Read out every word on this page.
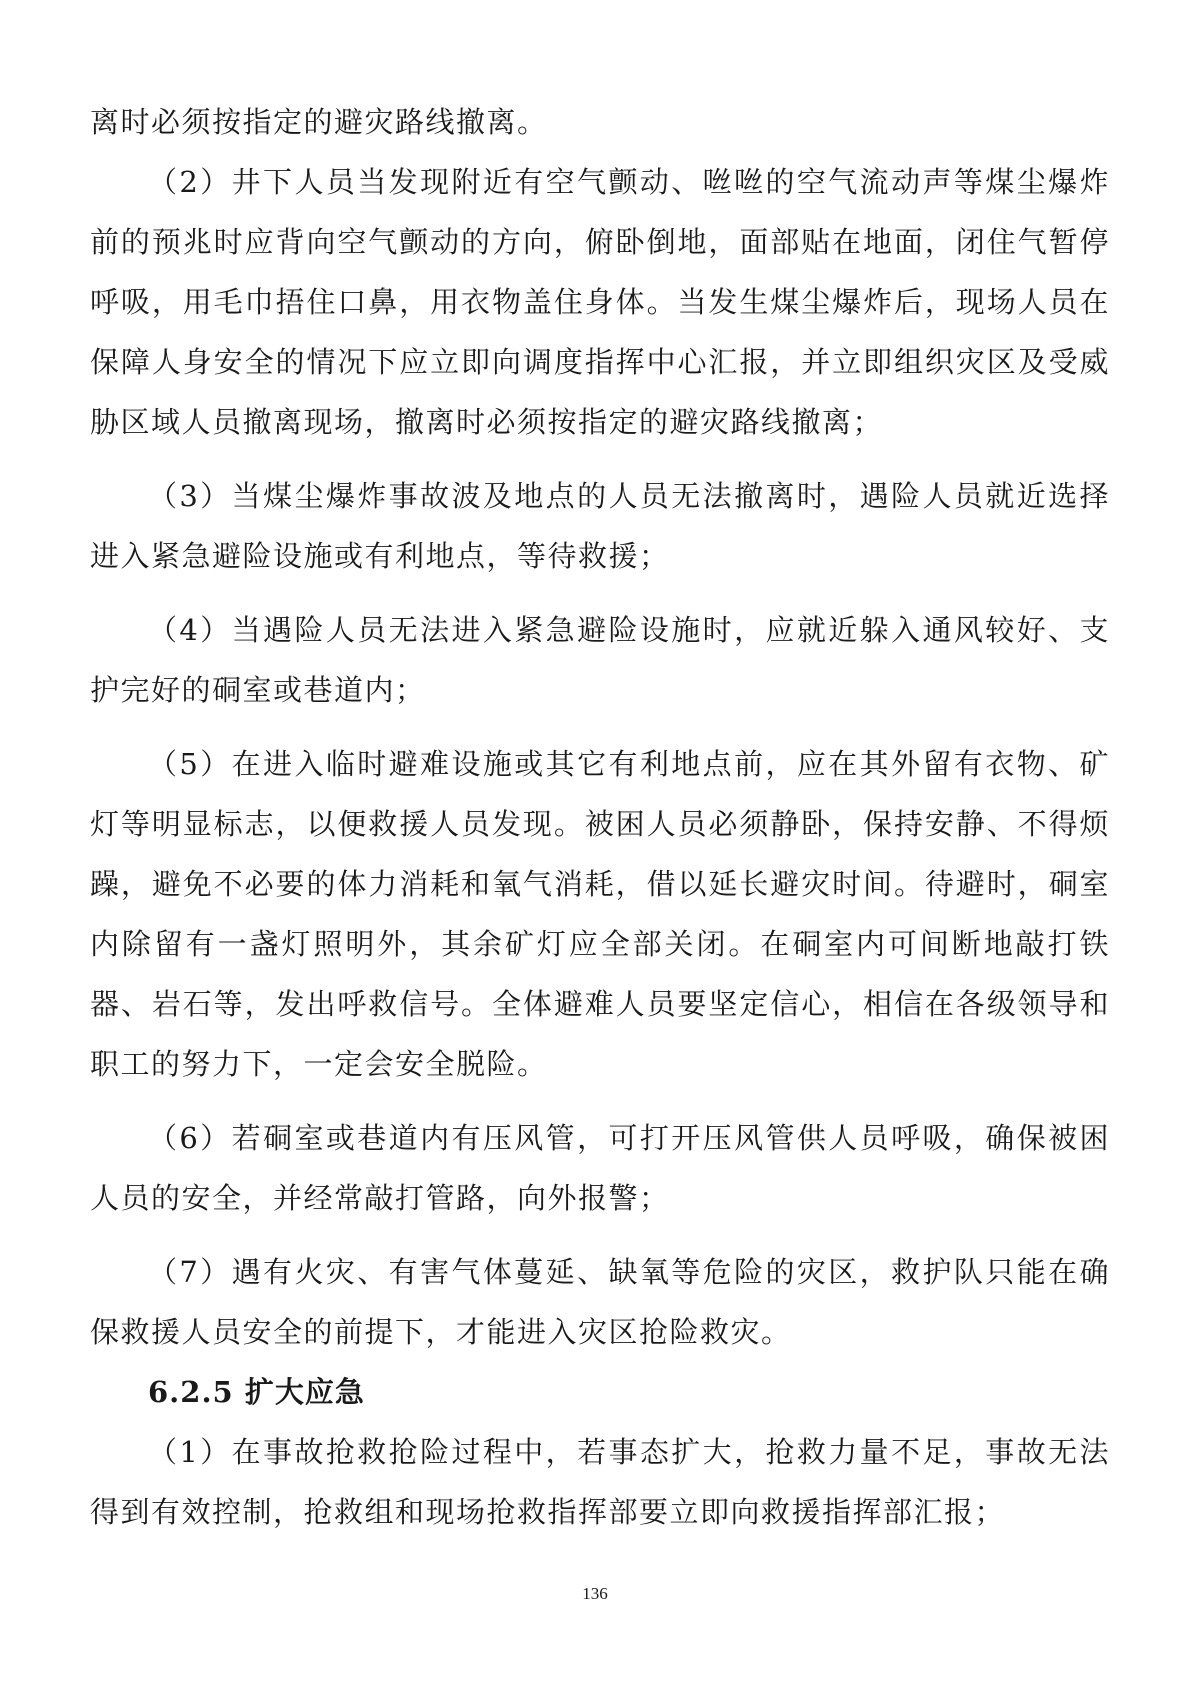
离时必须按指定的避灾路线撤离。

（2）井下人员当发现附近有空气颤动、咝咝的空气流动声等煤尘爆炸前的预兆时应背向空气颤动的方向，俯卧倒地，面部贴在地面，闭住气暂停呼吸，用毛巾捂住口鼻，用衣物盖住身体。当发生煤尘爆炸后，现场人员在保障人身安全的情况下应立即向调度指挥中心汇报，并立即组织灾区及受威胁区域人员撤离现场，撤离时必须按指定的避灾路线撤离；

（3）当煤尘爆炸事故波及地点的人员无法撤离时，遇险人员就近选择进入紧急避险设施或有利地点，等待救援；

（4）当遇险人员无法进入紧急避险设施时，应就近躲入通风较好、支护完好的硐室或巷道内；

（5）在进入临时避难设施或其它有利地点前，应在其外留有衣物、矿灯等明显标志，以便救援人员发现。被困人员必须静卧，保持安静、不得烦躁，避免不必要的体力消耗和氧气消耗，借以延长避灾时间。待避时，硐室内除留有一盏灯照明外，其余矿灯应全部关闭。在硐室内可间断地敲打铁器、岩石等，发出呼救信号。全体避难人员要坚定信心，相信在各级领导和职工的努力下，一定会安全脱险。

（6）若硐室或巷道内有压风管，可打开压风管供人员呼吸，确保被困人员的安全，并经常敲打管路，向外报警；

（7）遇有火灾、有害气体蔓延、缺氧等危险的灾区，救护队只能在确保救援人员安全的前提下，才能进入灾区抢险救灾。

6.2.5 扩大应急

（1）在事故抢救抢险过程中，若事态扩大，抢救力量不足，事故无法得到有效控制，抢救组和现场抢救指挥部要立即向救援指挥部汇报；

136
